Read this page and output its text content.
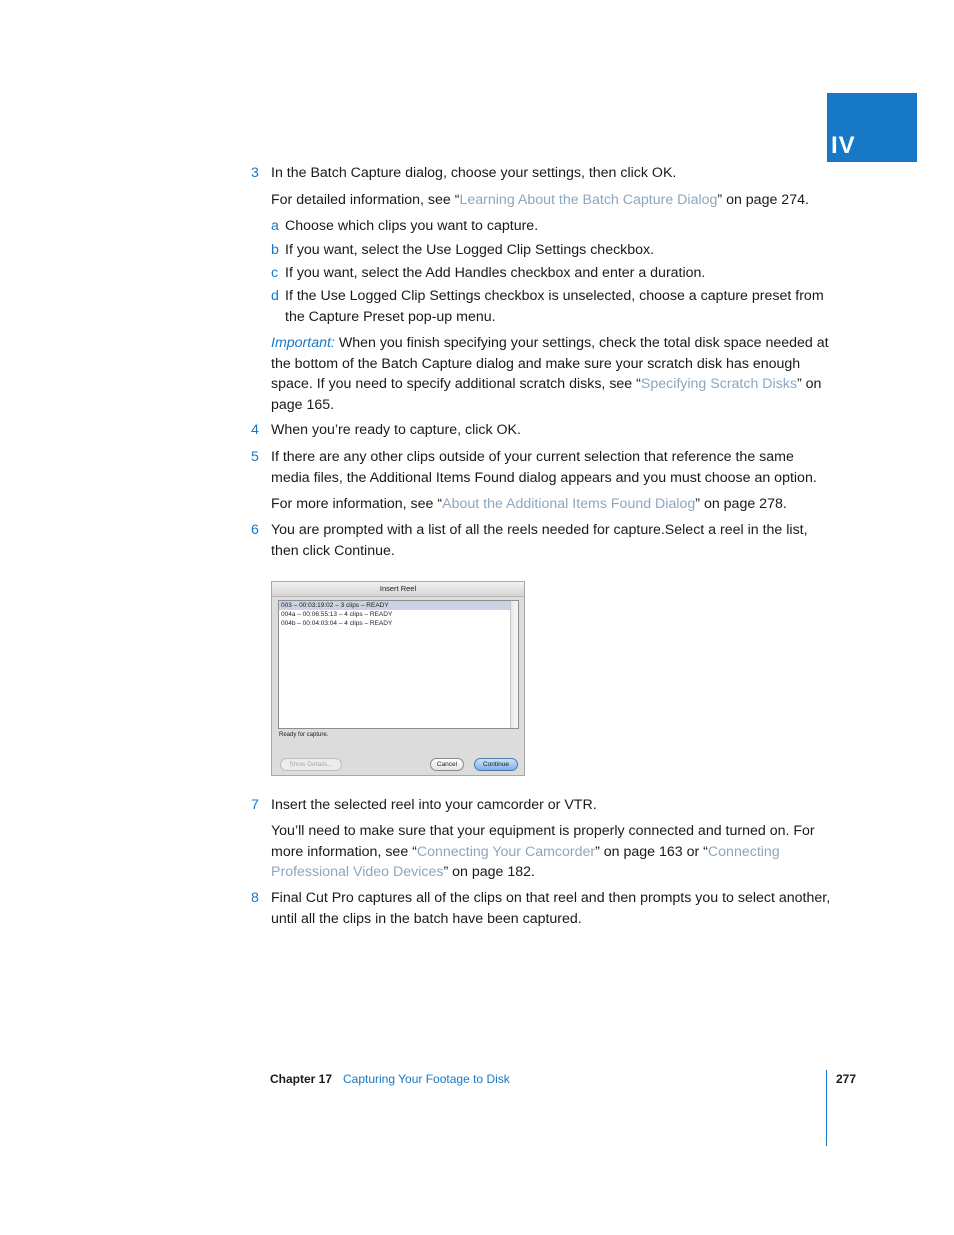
IV
3 In the Batch Capture dialog, choose your settings, then click OK.

For detailed information, see “Learning About the Batch Capture Dialog” on page 274.

a Choose which clips you want to capture.

b If you want, select the Use Logged Clip Settings checkbox.

c If you want, select the Add Handles checkbox and enter a duration.

d If the Use Logged Clip Settings checkbox is unselected, choose a capture preset from the Capture Preset pop-up menu.

Important: When you finish specifying your settings, check the total disk space needed at the bottom of the Batch Capture dialog and make sure your scratch disk has enough space. If you need to specify additional scratch disks, see “Specifying Scratch Disks” on page 165.

4 When you’re ready to capture, click OK.

5 If there are any other clips outside of your current selection that reference the same media files, the Additional Items Found dialog appears and you must choose an option.

For more information, see “About the Additional Items Found Dialog” on page 278.

6 You are prompted with a list of all the reels needed for capture.Select a reel in the list, then click Continue.

Insert Reel
003 – 00:03:19:02 – 3 clips – READY
004a – 00:06:55:13 – 4 clips – READY
004b – 00:04:03:04 – 4 clips – READY
Ready for capture.
Show Details...	Cancel	Continue
7 Insert the selected reel into your camcorder or VTR.

You’ll need to make sure that your equipment is properly connected and turned on. For more information, see “Connecting Your Camcorder” on page 163 or “Connecting Professional Video Devices” on page 182.

8 Final Cut Pro captures all of the clips on that reel and then prompts you to select another, until all the clips in the batch have been captured.

Chapter 17 Capturing Your Footage to Disk	277
